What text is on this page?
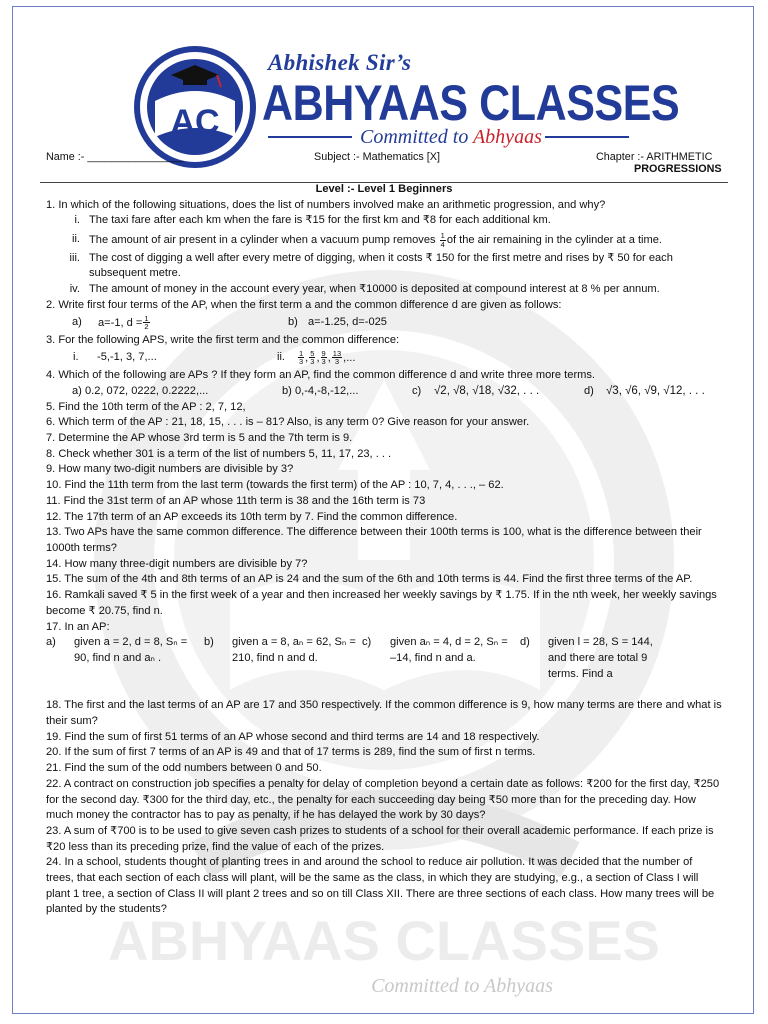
ABHYAAS CLASSES
Committed to Abhyaas
AC
Abhishek Sir’s
ABHYAAS CLASSES
Committed to Abhyaas
Name :- ________________	Subject :- Mathematics [X]	Chapter :- ARITHMETIC
PROGRESSIONS

Level :- Level 1 Beginners

1. In which of the following situations, does the list of numbers involved make an arithmetic progression, and why?

i. The taxi fare after each km when the fare is ₹15 for the first km and ₹8 for each additional km.
ii. The amount of air present in a cylinder when a vacuum pump removes $\frac{1}{4}$ of the air remaining in the cylinder at a time.
iii. The cost of digging a well after every metre of digging, when it costs ₹ 150 for the first metre and rises by ₹ 50 for each subsequent metre.
iv. The amount of money in the account every year, when ₹10000 is deposited at compound interest at 8 % per annum.

2. Write first four terms of the AP, when the first term a and the common difference d are given as follows:

a)	a=-1, $d = \frac{1}{2}$	b) a=-1.25, d=-025

3. For the following APS, write the first term and the common difference:

i.	-5,-1, 3, 7,...	ii.	$\frac{1}{3}$ , $\frac{5}{3}$ , $\frac{9}{3}$ , $\frac{13}{3}$ ,...

4. Which of the following are APs ? If they form an AP, find the common difference d and write three more terms.

a) 0.2, 072, 0222, 0.2222,...	b) 0,-4,-8,-12,...	c)	√2, √8, √18, √32, . . .	d)	√3, √6, √9, √12, . . .

5. Find the 10th term of the AP : 2, 7, 12,

6. Which term of the AP : 21, 18, 15, . . . is – 81? Also, is any term 0? Give reason for your answer.

7. Determine the AP whose 3rd term is 5 and the 7th term is 9.

8. Check whether 301 is a term of the list of numbers 5, 11, 17, 23, . . .

9. How many two-digit numbers are divisible by 3?

10. Find the 11th term from the last term (towards the first term) of the AP : 10, 7, 4, . . ., – 62.

11. Find the 31st term of an AP whose 11th term is 38 and the 16th term is 73

12. The 17th term of an AP exceeds its 10th term by 7. Find the common difference.

13. Two APs have the same common difference. The difference between their 100th terms is 100, what is the difference between their 1000th terms?

14. How many three-digit numbers are divisible by 7?

15. The sum of the 4th and 8th terms of an AP is 24 and the sum of the 6th and 10th terms is 44. Find the first three terms of the AP.

16. Ramkali saved ₹ 5 in the first week of a year and then increased her weekly savings by ₹ 1.75. If in the nth week, her weekly savings become ₹ 20.75, find n.

17. In an AP:

a)	given a = 2, d = 8, Sₙ =
90, find n and aₙ .
b)	given a = 8, aₙ = 62, Sₙ =
210, find n and d.
c)	given aₙ = 4, d = 2, Sₙ =
–14, find n and a.
d)	given l = 28, S = 144,
and there are total 9
terms. Find a

18. The first and the last terms of an AP are 17 and 350 respectively. If the common difference is 9, how many terms are there and what is their sum?

19. Find the sum of first 51 terms of an AP whose second and third terms are 14 and 18 respectively.

20. If the sum of first 7 terms of an AP is 49 and that of 17 terms is 289, find the sum of first n terms.

21. Find the sum of the odd numbers between 0 and 50.

22. A contract on construction job specifies a penalty for delay of completion beyond a certain date as follows: ₹200 for the first day, ₹250 for the second day. ₹300 for the third day, etc., the penalty for each succeeding day being ₹50 more than for the preceding day. How much money the contractor has to pay as penalty, if he has delayed the work by 30 days?

23. A sum of ₹700 is to be used to give seven cash prizes to students of a school for their overall academic performance. If each prize is ₹20 less than its preceding prize, find the value of each of the prizes.

24. In a school, students thought of planting trees in and around the school to reduce air pollution. It was decided that the number of trees, that each section of each class will plant, will be the same as the class, in which they are studying, e.g., a section of Class I will plant 1 tree, a section of Class II will plant 2 trees and so on till Class XII. There are three sections of each class. How many trees will be planted by the students?
